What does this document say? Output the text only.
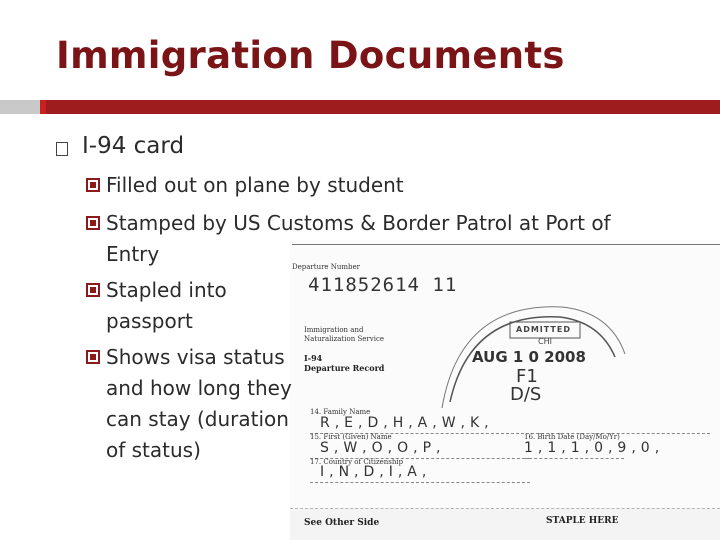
Immigration Documents
I-94 card
Departure Number
411852614 11
Immigration and
Naturalization Service
I-94
Departure Record
ADMITTED
CHI
AUG 1 0 2008
F1
D/S
14. Family Name
R,E,D,H,A,W,K,
15. First (Given) Name
S,W,O,O,P,
16. Birth Date (Day/Mo/Yr)
1,1,1,0,9,0,
17. Country of Citizenship
I,N,D,I,A,
See Other Side	STAPLE HERE
Filled out on plane by student
Stamped by US Customs & Border Patrol at Port of
Entry
Stapled into
passport
Shows visa status
and how long they
can stay (duration
of status)
